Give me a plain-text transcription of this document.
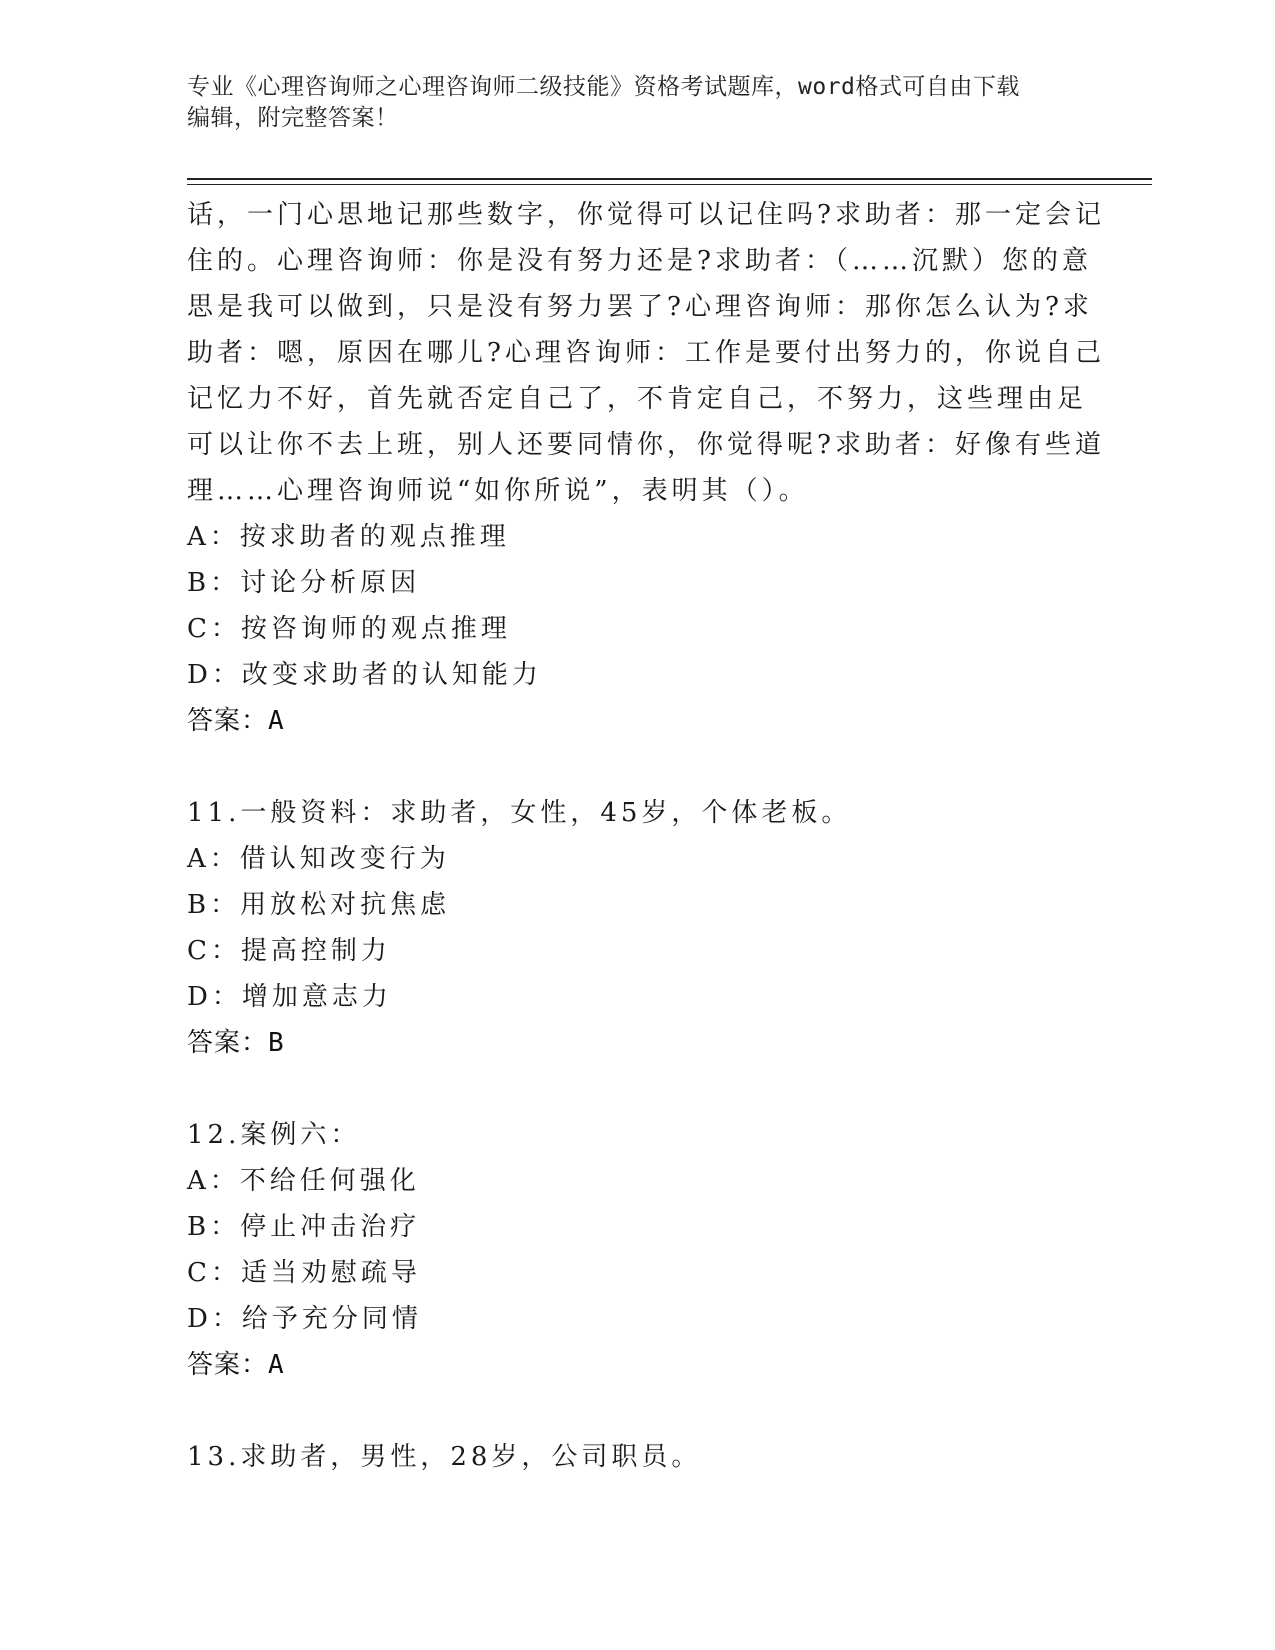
专业《心理咨询师之心理咨询师二级技能》资格考试题库，word格式可自由下载
编辑，附完整答案！

话，一门心思地记那些数字，你觉得可以记住吗?求助者：那一定会记

住的。心理咨询师：你是没有努力还是?求助者：（……沉默）您的意

思是我可以做到，只是没有努力罢了?心理咨询师：那你怎么认为?求

助者：嗯，原因在哪儿?心理咨询师：工作是要付出努力的，你说自己

记忆力不好，首先就否定自己了，不肯定自己，不努力，这些理由足

可以让你不去上班，别人还要同情你，你觉得呢?求助者：好像有些道

理……心理咨询师说“如你所说”，表明其（）。

A：按求助者的观点推理

B：讨论分析原因

C：按咨询师的观点推理

D：改变求助者的认知能力

答案：A

11.一般资料：求助者，女性，45岁，个体老板。

A：借认知改变行为

B：用放松对抗焦虑

C：提高控制力

D：增加意志力

答案：B

12.案例六：

A：不给任何强化

B：停止冲击治疗

C：适当劝慰疏导

D：给予充分同情

答案：A

13.求助者，男性，28岁，公司职员。
